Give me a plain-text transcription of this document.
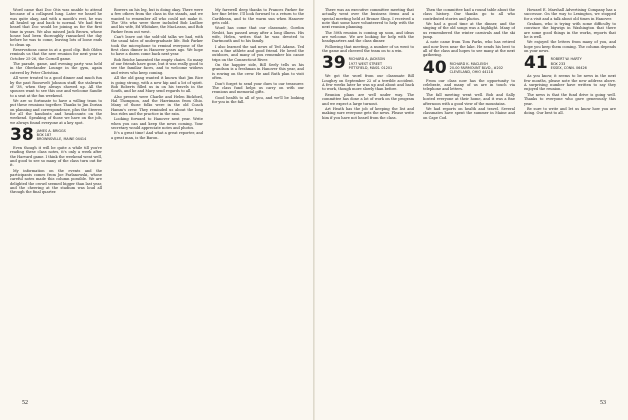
Word came that Doc Otis was unable to attend because of a collapsed lung. Later we heard he was quite okay, and with a month's rest, he was all healed up and back to normal. We had first heard that Doc would be joining us for the first time in years. We also missed Jack Brown, whose house had been thoroughly ransacked the day before he was to come, leaving lots of loose ends to clean up.

Reservations came in at a good clip. Bob Olden reminds us that the new reunion for next year is October 25-26, the Cornell game.

The parade, game, and evening party was held in the Oberlander Lounge in the gym, again catered by Peter Christian.

All were treated to a good dinner and much fun by the past Roosevelt Johnson staff, the stalwarts of '38, when they always showed up. All the spouses want to see this one and welcome Sandie to a seat at the fun weekend.

We are so fortunate to have a willing team to put these reunions together. Thanks to Jim Dorian on planning and correspondence, plus the Steeres for all the handouts and headcounts on the weekend. Speaking of those we have on the job, we always found everyone at a key spot.

38 JAMES A. BRIGGS
BOX 187
BROWNSVILLE, MAINE 04414

Even though it will be quite a while till you're reading these class notes, it's only a week after the Harvard game. I think the weekend went well, and good to see so many of the class turn out for it.

My information on the events and the participants comes from Joe Parlanowski, whose careful notes made this column possible. We are delighted the crowd seemed bigger than last year, and the cheering at the stadium was loud all through the final quarter.

Bowers on his leg, but is doing okay. There were a few others from the class in the stands, and we wanted to remember all who could not make it. The '38s who were there included Bob Ludlow and his wife, Ed Whitaker, the MacLeans, and Bob Parker from out west.

Can't leave out the sold-old talks we had, with the usual tales of undergraduate life. Bob Parker took the microphone to remind everyone of the first class dinner in Hanover years ago. We hope to have a dozen come back next year.

Bob Reiche lamented the empty chairs. So many of our friends have gone, but it was really good to see the familiar faces, and to welcome widows and wives who keep coming.

All the old gang wanted it known that Jim Rice is going strong, with a new hip and a lot of spirit. Bob Roberts filled us in on his travels in the South, and he and Mary send regards to all.

Also present were Charlie and Helen Bickford, Hal Thompson, and the Harrimans from Ohio. Many of those folks were in the old Coach Hamm's crew. They reminded us about the long bus rides and the practice in the rain.

Looking forward to Hanover next year. Write when you can and keep the news coming. Your secretary would appreciate notes and photos.

It's a great time! And what a great reporter, and a great man, is the Baron.

My farewell deep thanks to Frances Parker for her fine letter. I'll look forward to a return to the Caribbean, and to the warm sun when Hanover gets cold.

Word has come that our classmate, Gordon Nesbit, has passed away after a long illness. His wife, Helen, writes that he was devoted to Dartmouth and to his family.

I also learned the sad news of Ted Adams. Ted was a fine athlete and good friend. He loved the outdoors, and many of you remember his canoe trips on the Connecticut River.

On the happier side, Bill Seely tells us his grandson is a freshman in Hanover this year, and is rowing on the crew. He and Ruth plan to visit often.

Don't forget to send your dues to our treasurer. The class fund helps us carry on with our reunions and memorial gifts.

Good health to all of you, and we'll be looking for you in the fall.

52

There was an executive committee meeting that actually went over the business items and a special meeting held at Bronze Shop. I received a note that some have volunteered to help with the next reunion planning.

The 50th reunion is coming up soon, and ideas are welcome. We are looking for help with the headquarters and the class dinner.

Following that meeting, a number of us went to the game and cheered the team on to a win.

39 RICHARD A. JACKSON
1977 WEST STREET
PITTSFIELD, MASS. 01201

We got the word from our classmate Bill Loughry on September 22 of a terrible accident. A few weeks later he was up and about and back to work, though more slowly than before.

Reunion plans are well under way. The committee has done a lot of work on the program and we expect a large turnout.

Art Heath has the job of keeping the list and making sure everyone gets the news. Please write him if you have not heard from the class.

Then the committee had a round table about the class history. Our thanks go to all who contributed stories and photos.

We had a good time at the dinner, and the singing of the old songs was a highlight. Many of us remembered the winter carnivals and the ski jump.

A note came from Tom Parks, who has retired and now lives near the lake. He sends his best to all of the class and hopes to see many at the next gathering.

40 RICHARD K. MACLEISH
20-00 FAIRMOUNT BLVD., #202
CLEVELAND, OHIO 44118

From our class now has the opportunity to celebrate, and many of us are in touch via telephone and letters.

The fall meeting went well. Bob and Sally hosted everyone at their home, and it was a fine afternoon with a good view of the mountains.

We had reports on health and travel. Several classmates have spent the summer in Maine and on Cape Cod.

Howard E. Marshall Advertising Company has a successor. On the way to Lexington, we stopped for a visit and a talk about old times in Hanover.

Graham, who is trying with some difficulty to convince the bigwigs in Washington that there are some good things in the works, reports that he is well.

We enjoyed the letters from many of you, and hope you keep them coming. The column depends on your news.

41 ROBERT W. HARTY
BOX 233
ESSEX, CONN. 06426

As you know, it seems to be news in the next few months, please note the new address above. A surprising number have written to say they enjoyed the reunion.

The news is that the fund drive is going well. Thanks to everyone who gave generously this year.

Be sure to write and let us know how you are doing. Our best to all.

53
